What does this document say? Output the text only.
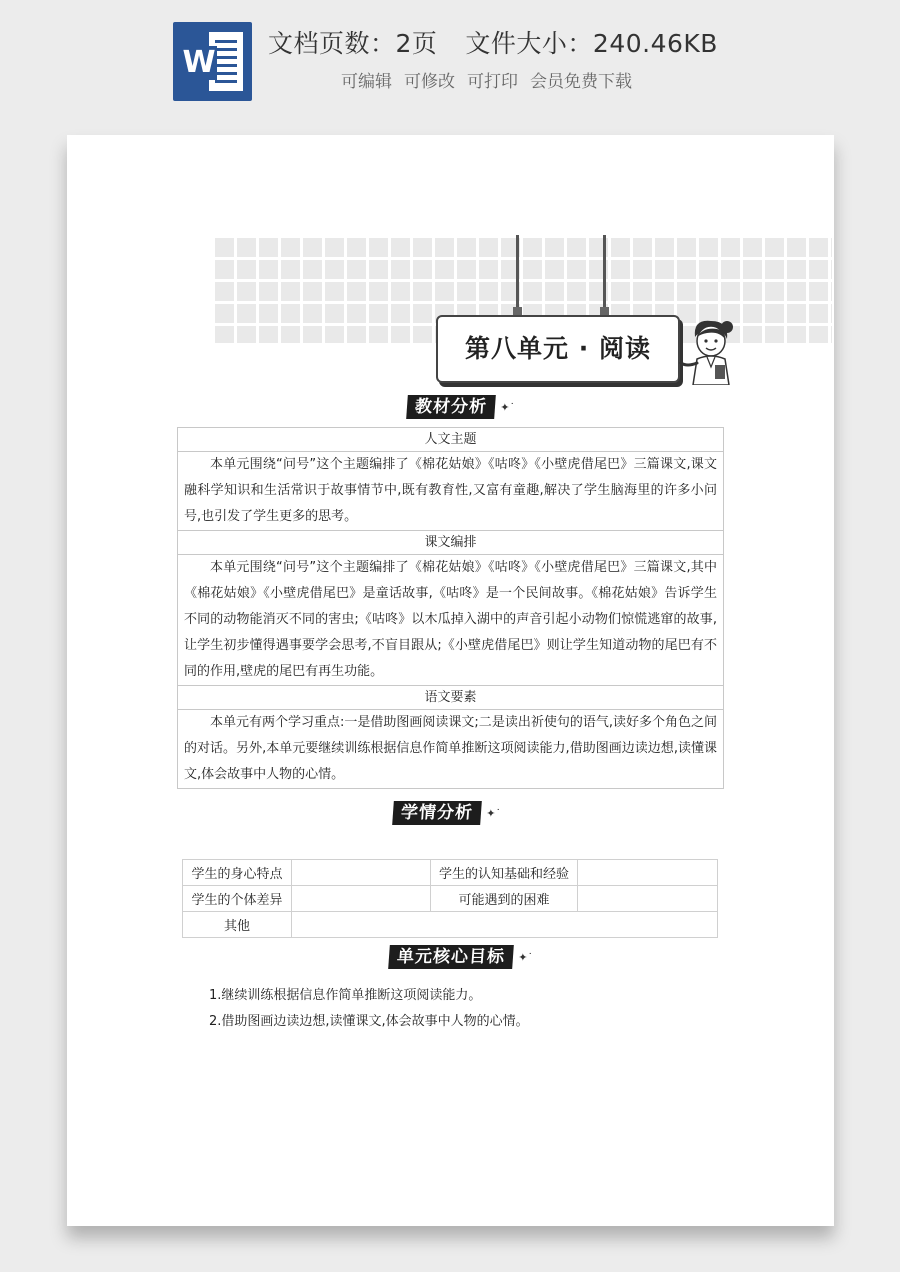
W
文档页数：2页 文件大小：240.46KB
可编辑 可修改 可打印 会员免费下载
第八单元 · 阅读
教材分析 ✦˙
人文主题
本单元围绕“问号”这个主题编排了《棉花姑娘》《咕咚》《小壁虎借尾巴》三篇课文,课文融科学知识和生活常识于故事情节中,既有教育性,又富有童趣,解决了学生脑海里的许多小问号,也引发了学生更多的思考。
课文编排
本单元围绕“问号”这个主题编排了《棉花姑娘》《咕咚》《小壁虎借尾巴》三篇课文,其中《棉花姑娘》《小壁虎借尾巴》是童话故事,《咕咚》是一个民间故事。《棉花姑娘》告诉学生不同的动物能消灭不同的害虫;《咕咚》以木瓜掉入湖中的声音引起小动物们惊慌逃窜的故事,让学生初步懂得遇事要学会思考,不盲目跟从;《小壁虎借尾巴》则让学生知道动物的尾巴有不同的作用,壁虎的尾巴有再生功能。
语文要素
本单元有两个学习重点:一是借助图画阅读课文;二是读出祈使句的语气,读好多个角色之间的对话。另外,本单元要继续训练根据信息作简单推断这项阅读能力,借助图画边读边想,读懂课文,体会故事中人物的心情。
学情分析 ✦˙
学生的身心特点		学生的认知基础和经验	
学生的个体差异		可能遇到的困难	
其他			
单元核心目标 ✦˙
1.继续训练根据信息作简单推断这项阅读能力。
2.借助图画边读边想,读懂课文,体会故事中人物的心情。
